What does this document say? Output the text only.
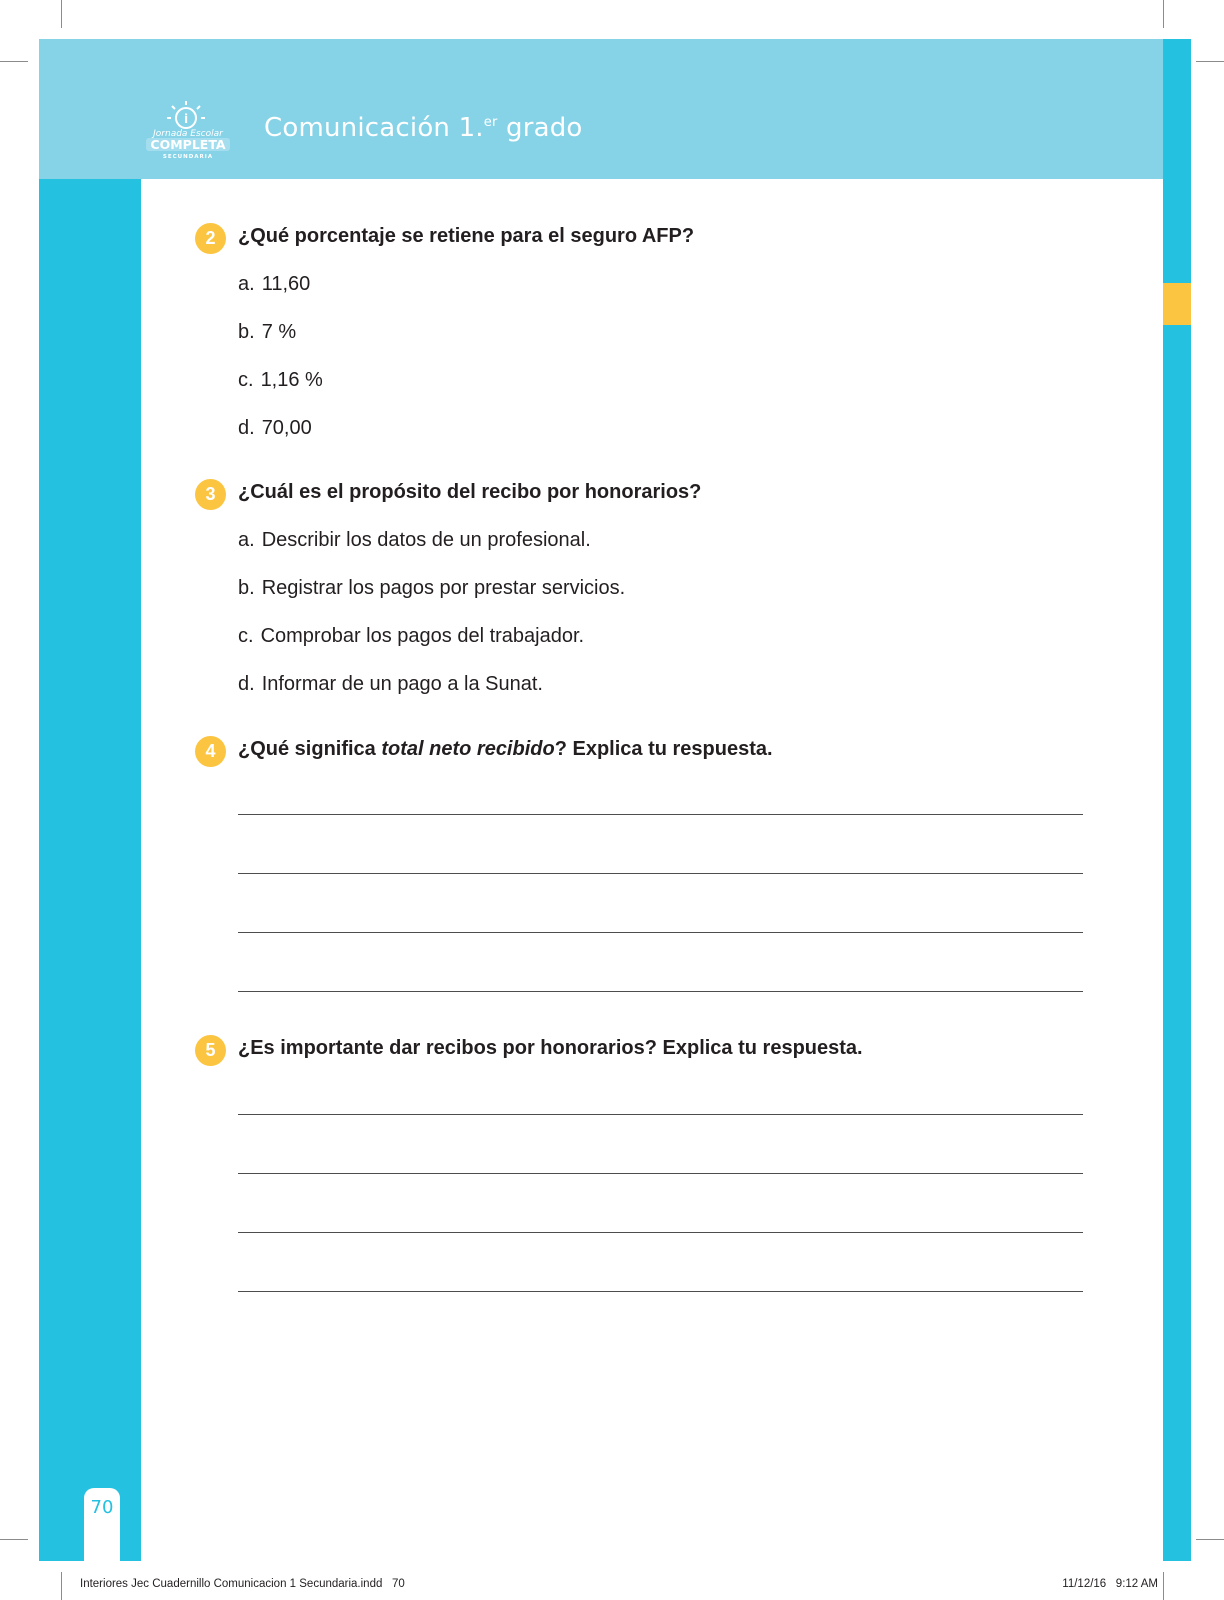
i
Jornada Escolar
COMPLETA
SECUNDARIA
Comunicación 1.$^{er}$ grado
2	¿Qué porcentaje se retiene para el seguro AFP?
a. 11,60
b. 7 %
c. 1,16 %
d. 70,00
3	¿Cuál es el propósito del recibo por honorarios?
a. Describir los datos de un profesional.
b. Registrar los pagos por prestar servicios.
c. Comprobar los pagos del trabajador.
d. Informar de un pago a la Sunat.
4	¿Qué significa total neto recibido? Explica tu respuesta.
5	¿Es importante dar recibos por honorarios? Explica tu respuesta.
70
Interiores Jec Cuadernillo Comunicacion 1 Secundaria.indd   70	11/12/16   9:12 AM
